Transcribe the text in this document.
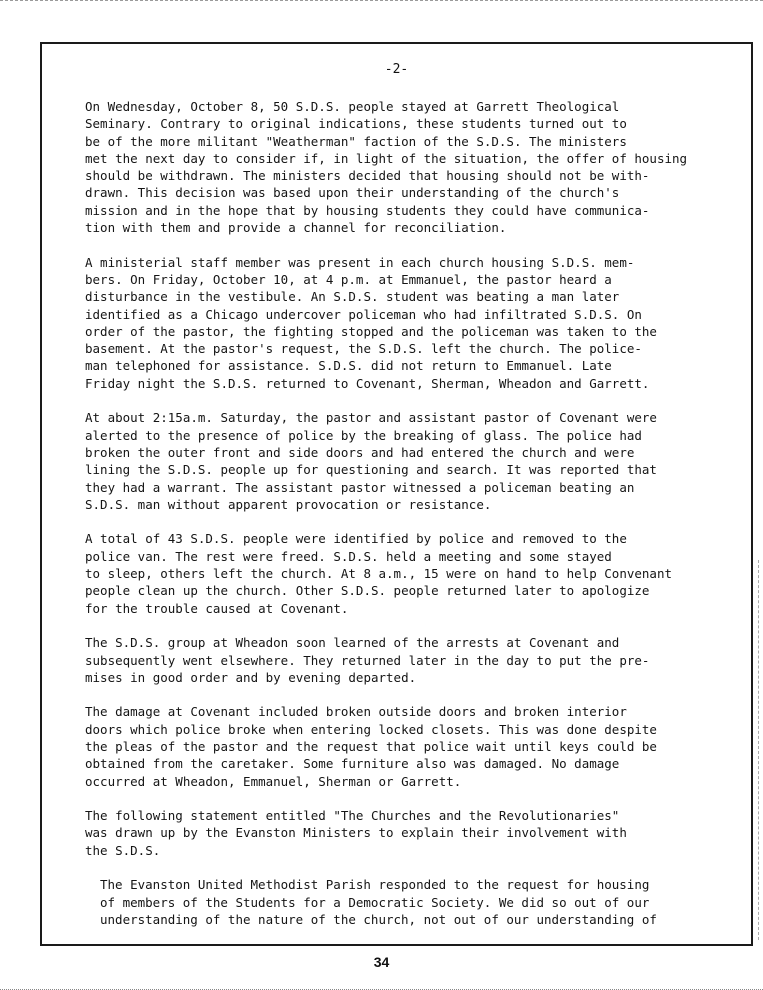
-2-

On Wednesday, October 8, 50 S.D.S. people stayed at Garrett Theological
Seminary. Contrary to original indications, these students turned out to
be of the more militant "Weatherman" faction of the S.D.S. The ministers
met the next day to consider if, in light of the situation, the offer of housing
should be withdrawn. The ministers decided that housing should not be with-
drawn. This decision was based upon their understanding of the church's
mission and in the hope that by housing students they could have communica-
tion with them and provide a channel for reconciliation.

A ministerial staff member was present in each church housing S.D.S. mem-
bers. On Friday, October 10, at 4 p.m. at Emmanuel, the pastor heard a
disturbance in the vestibule. An S.D.S. student was beating a man later
identified as a Chicago undercover policeman who had infiltrated S.D.S. On
order of the pastor, the fighting stopped and the policeman was taken to the
basement. At the pastor's request, the S.D.S. left the church. The police-
man telephoned for assistance. S.D.S. did not return to Emmanuel. Late
Friday night the S.D.S. returned to Covenant, Sherman, Wheadon and Garrett.

At about 2:15a.m. Saturday, the pastor and assistant pastor of Covenant were
alerted to the presence of police by the breaking of glass. The police had
broken the outer front and side doors and had entered the church and were
lining the S.D.S. people up for questioning and search. It was reported that
they had a warrant. The assistant pastor witnessed a policeman beating an
S.D.S. man without apparent provocation or resistance.

A total of 43 S.D.S. people were identified by police and removed to the
police van. The rest were freed. S.D.S. held a meeting and some stayed
to sleep, others left the church. At 8 a.m., 15 were on hand to help Convenant
people clean up the church. Other S.D.S. people returned later to apologize
for the trouble caused at Covenant.

The S.D.S. group at Wheadon soon learned of the arrests at Covenant and
subsequently went elsewhere. They returned later in the day to put the pre-
mises in good order and by evening departed.

The damage at Covenant included broken outside doors and broken interior
doors which police broke when entering locked closets. This was done despite
the pleas of the pastor and the request that police wait until keys could be
obtained from the caretaker. Some furniture also was damaged. No damage
occurred at Wheadon, Emmanuel, Sherman or Garrett.

The following statement entitled "The Churches and the Revolutionaries"
was drawn up by the Evanston Ministers to explain their involvement with
the S.D.S.

The Evanston United Methodist Parish responded to the request for housing
of members of the Students for a Democratic Society. We did so out of our
understanding of the nature of the church, not out of our understanding of

34
